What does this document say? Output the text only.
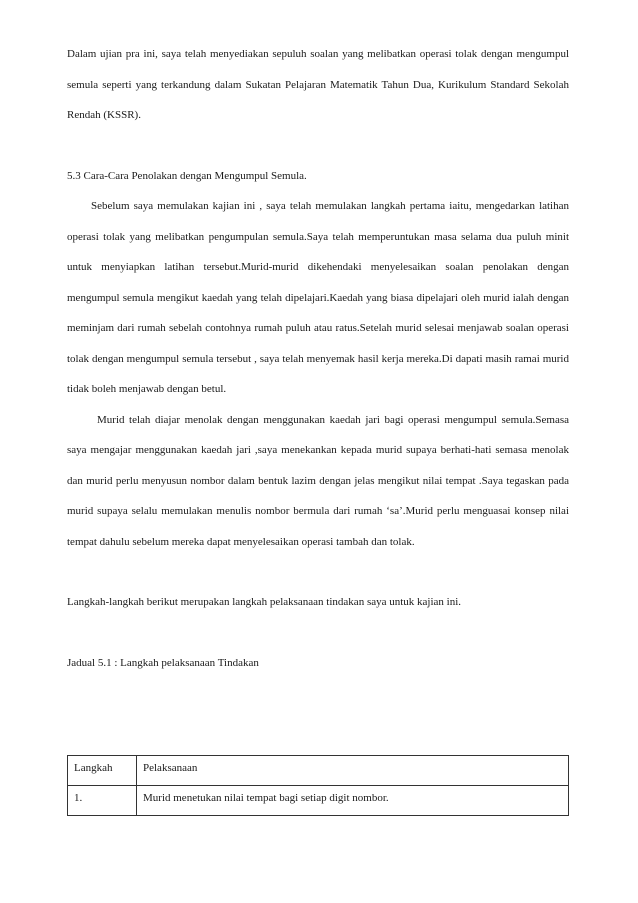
Dalam ujian pra ini, saya telah menyediakan sepuluh soalan yang melibatkan operasi tolak dengan mengumpul semula seperti yang terkandung dalam Sukatan Pelajaran Matematik Tahun Dua, Kurikulum Standard Sekolah Rendah (KSSR).

5.3 Cara-Cara Penolakan dengan Mengumpul Semula.

Sebelum saya memulakan kajian ini , saya telah memulakan langkah pertama iaitu, mengedarkan latihan operasi tolak yang melibatkan pengumpulan semula.Saya telah memperuntukan masa selama dua puluh minit untuk menyiapkan latihan tersebut.Murid-murid dikehendaki menyelesaikan soalan penolakan dengan mengumpul semula mengikut kaedah yang telah dipelajari.Kaedah yang biasa dipelajari oleh murid ialah dengan meminjam dari rumah sebelah contohnya rumah puluh atau ratus.Setelah murid selesai menjawab soalan operasi tolak dengan mengumpul semula tersebut , saya telah menyemak hasil kerja mereka.Di dapati masih ramai murid tidak boleh menjawab dengan betul.

Murid telah diajar menolak dengan menggunakan kaedah jari bagi operasi mengumpul semula.Semasa saya mengajar menggunakan kaedah jari ,saya menekankan kepada murid supaya berhati-hati semasa menolak dan murid perlu menyusun nombor dalam bentuk lazim dengan jelas mengikut nilai tempat .Saya tegaskan pada murid supaya selalu memulakan menulis nombor bermula dari rumah ‘sa’.Murid perlu menguasai konsep nilai tempat dahulu sebelum mereka dapat menyelesaikan operasi tambah dan tolak.

Langkah-langkah berikut merupakan langkah pelaksanaan tindakan saya untuk kajian ini.

Jadual 5.1 : Langkah pelaksanaan Tindakan

Langkah	Pelaksanaan
1.	Murid menetukan nilai tempat bagi setiap digit nombor.
